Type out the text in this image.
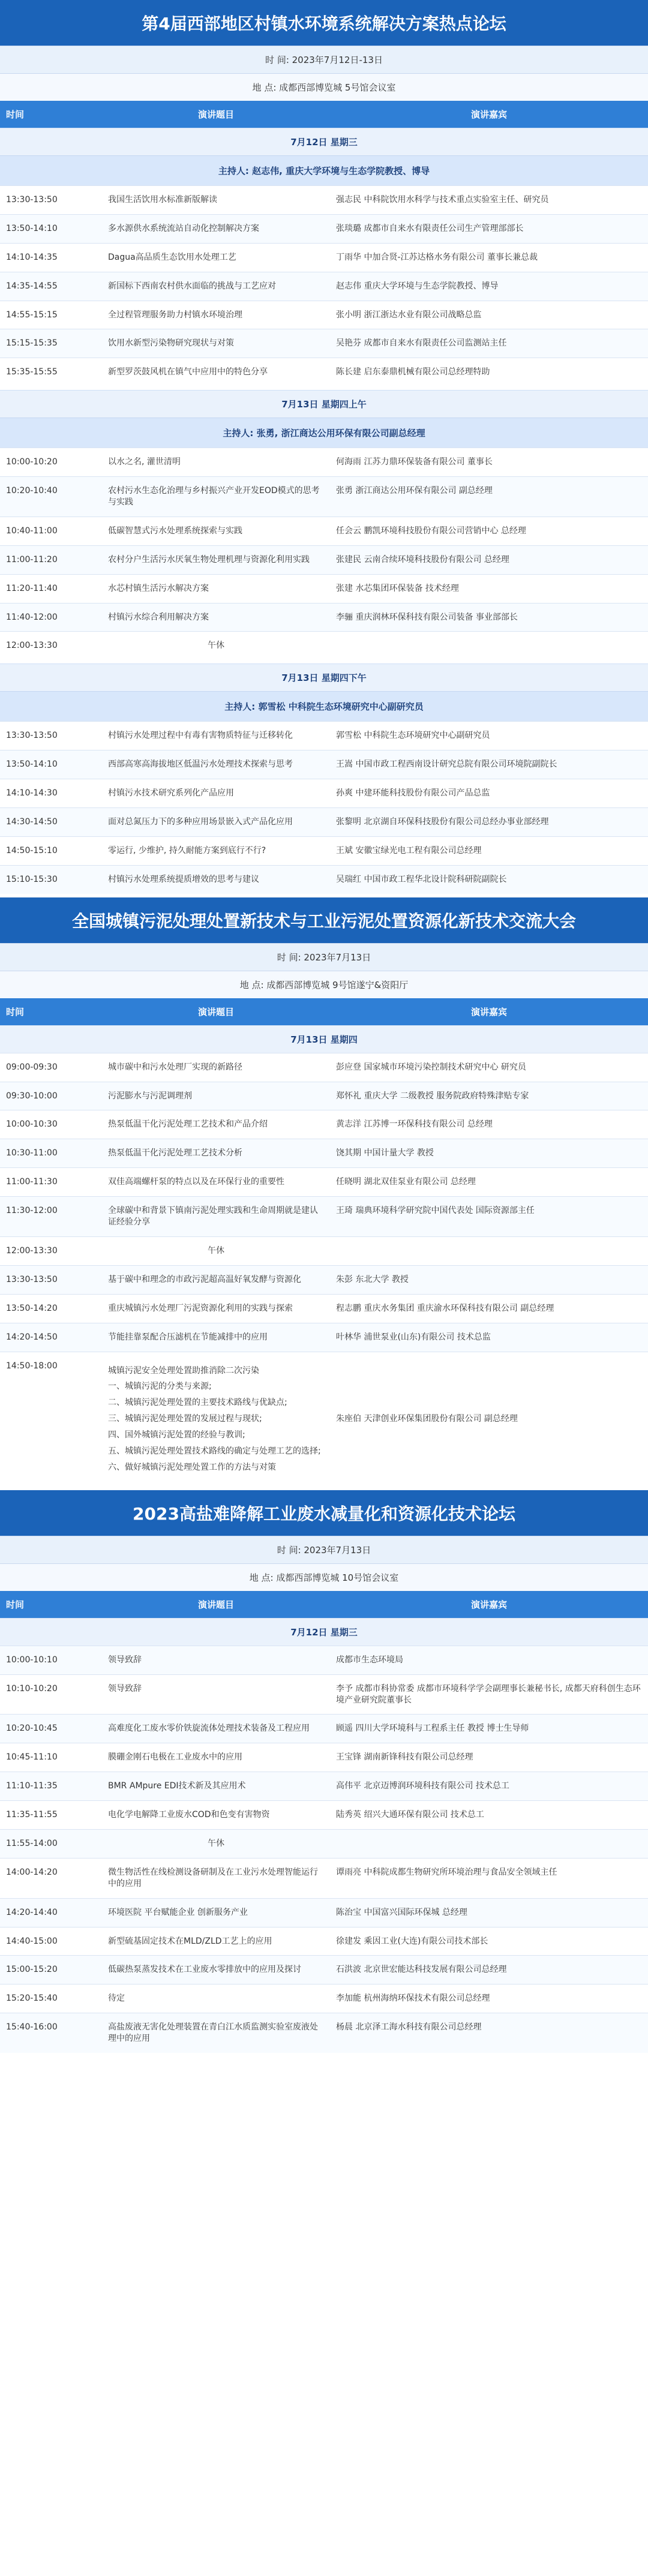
第4届西部地区村镇水环境系统解决方案热点论坛
时 间: 2023年7月12日-13日
地 点: 成都西部博览城 5号馆会议室
时间	演讲题目	演讲嘉宾
7月12日 星期三
主持人: 赵志伟, 重庆大学环境与生态学院教授、博导
13:30-13:50	我国生活饮用水标准新版解读	强志民 中科院饮用水科学与技术重点实验室主任、研究员
13:50-14:10	多水源供水系统流站自动化控制解决方案	张琰璐 成都市自来水有限责任公司生产管理部部长
14:10-14:35	Dagua高品质生态饮用水处理工艺	丁雨华 中加合贤-江苏达格水务有限公司 董事长兼总裁
14:35-14:55	新国标下西南农村供水面临的挑战与工艺应对	赵志伟 重庆大学环境与生态学院教授、博导
14:55-15:15	全过程管理服务助力村镇水环境治理	张小明 浙江浙达水业有限公司战略总监
15:15-15:35	饮用水新型污染物研究现状与对策	吴艳芬 成都市自来水有限责任公司监测站主任
15:35-15:55	新型罗茨鼓风机在镇气中应用中的特色分享	陈长建 启东泰鼎机械有限公司总经理特助
7月13日 星期四上午
主持人: 张勇, 浙江商达公用环保有限公司副总经理
10:00-10:20	以水之名, 灌世清明	何海雨 江苏力鼎环保装备有限公司 董事长
10:20-10:40	农村污水生态化治理与乡村振兴产业开发EOD模式的思考与实践
张勇 浙江商达公用环保有限公司 副总经理
10:40-11:00	低碳智慧式污水处理系统探索与实践	任会云 鹏凯环境科技股份有限公司营销中心 总经理
11:00-11:20	农村分户生活污水厌氧生物处理机理与资源化利用实践	张建民 云南合续环境科技股份有限公司 总经理
11:20-11:40	水芯村镇生活污水解决方案	张建 水芯集团环保装备 技术经理
11:40-12:00	村镇污水综合利用解决方案	李骊 重庆润林环保科技有限公司装备 事业部部长
12:00-13:30	午休
7月13日 星期四下午
主持人: 郭雪松 中科院生态环境研究中心副研究员
13:30-13:50	村镇污水处理过程中有毒有害物质特征与迁移转化	郭雪松 中科院生态环境研究中心副研究员
13:50-14:10	西部高寒高海拔地区低温污水处理技术探索与思考	王嵩 中国市政工程西南设计研究总院有限公司环境院副院长
14:10-14:30	村镇污水技术研究系列化产品应用	孙爽 中建环能科技股份有限公司产品总监
14:30-14:50	面对总氮压力下的多种应用场景嵌入式产品化应用	张黎明 北京湖自环保科技股份有限公司总经办事业部经理
14:50-15:10	零运行, 少维护, 持久耐能方案到底行不行?	王斌 安徽宝绿光电工程有限公司总经理
15:10-15:30	村镇污水处理系统提质增效的思考与建议	吴瑞红 中国市政工程华北设计院科研院副院长
全国城镇污泥处理处置新技术与工业污泥处置资源化新技术交流大会
时 间: 2023年7月13日
地 点: 成都西部博览城 9号馆遂宁&资阳厅
时间	演讲题目	演讲嘉宾
7月13日 星期四
09:00-09:30	城市碳中和污水处理厂实现的新路径	彭应登 国家城市环境污染控制技术研究中心 研究员
09:30-10:00	污泥膨水与污泥调理剂	郑怀礼 重庆大学 二级教授 服务院政府特殊津贴专家
10:00-10:30	热泵低温干化污泥处理工艺技术和产品介绍	黄志洋 江苏博一环保科技有限公司 总经理
10:30-11:00	热泵低温干化污泥处理工艺技术分析	饶其期 中国计量大学 教授
11:00-11:30	双佳高端螺杆泵的特点以及在环保行业的重要性	任晓明 湖北双佳泵业有限公司 总经理
11:30-12:00	全球碳中和背景下镇南污泥处理实践和生命周期就是建认证经验分享
王琦 瑞典环境科学研究院中国代表处 国际资源部主任
12:00-13:30	午休
13:30-13:50	基于碳中和理念的市政污泥超高温好氧发酵与资源化	朱彭 东北大学 教授
13:50-14:20	重庆城镇污水处理厂污泥资源化利用的实践与探索	程志鹏 重庆水务集团 重庆渝水环保科技有限公司 副总经理
14:20-14:50	节能挂靠泵配合压滤机在节能减排中的应用	叶林华 浦世泵业(山东)有限公司 技术总监
14:50-18:00	城镇污泥安全处理处置助推消除二次污染

一、城镇污泥的分类与来源;

二、城镇污泥处理处置的主要技术路线与优缺点;

三、城镇污泥处理处置的发展过程与现状;

四、国外城镇污泥处置的经验与教训;

五、城镇污泥处理处置技术路线的确定与处理工艺的选择;

六、做好城镇污泥处理处置工作的方法与对策

朱座伯 天津创业环保集团股份有限公司 副总经理
2023高盐难降解工业废水减量化和资源化技术论坛
时 间: 2023年7月13日
地 点: 成都西部博览城 10号馆会议室
时间	演讲题目	演讲嘉宾
7月12日 星期三
10:00-10:10	领导致辞	成都市生态环境局
10:10-10:20	领导致辞	李予 成都市科协常委 成都市环境科学学会副理事长兼秘书长, 成都天府科创生态环境产业研究院董事长
10:20-10:45	高难度化工废水零价铁旋流体处理技术装备及工程应用	顾遥 四川大学环境科与工程系主任 教授 博士生导师
10:45-11:10	膜硼金刚石电极在工业废水中的应用	王宝锋 湖南新锋科技有限公司总经理
11:10-11:35	BMR AMpure EDI技术新及其应用术	高伟平 北京迈博润环境科技有限公司 技术总工
11:35-11:55	电化学电解降工业废水COD和色变有害物资	陆秀英 绍兴大通环保有限公司 技术总工
11:55-14:00	午休
14:00-14:20	微生物活性在线检测设备研制及在工业污水处理智能运行中的应用
谭雨亮 中科院成都生物研究所环境治理与食品安全领域主任
14:20-14:40	环境医院 平台赋能企业 创新服务产业	陈治宝 中国富兴国际环保城 总经理
14:40-15:00	新型硫基固定技术在MLD/ZLD工艺上的应用	徐建发 乘因工业(大连)有限公司技术部长
15:00-15:20	低碳热泵蒸发技术在工业废水零排放中的应用及探讨	石洪波 北京世宏能达科技发展有限公司总经理
15:20-15:40	待定	李加能 杭州海纳环保技术有限公司总经理
15:40-16:00	高盐废液无害化处理装置在青白江水质监测实验室废液处理中的应用
杨晨 北京泽工海水科技有限公司总经理
